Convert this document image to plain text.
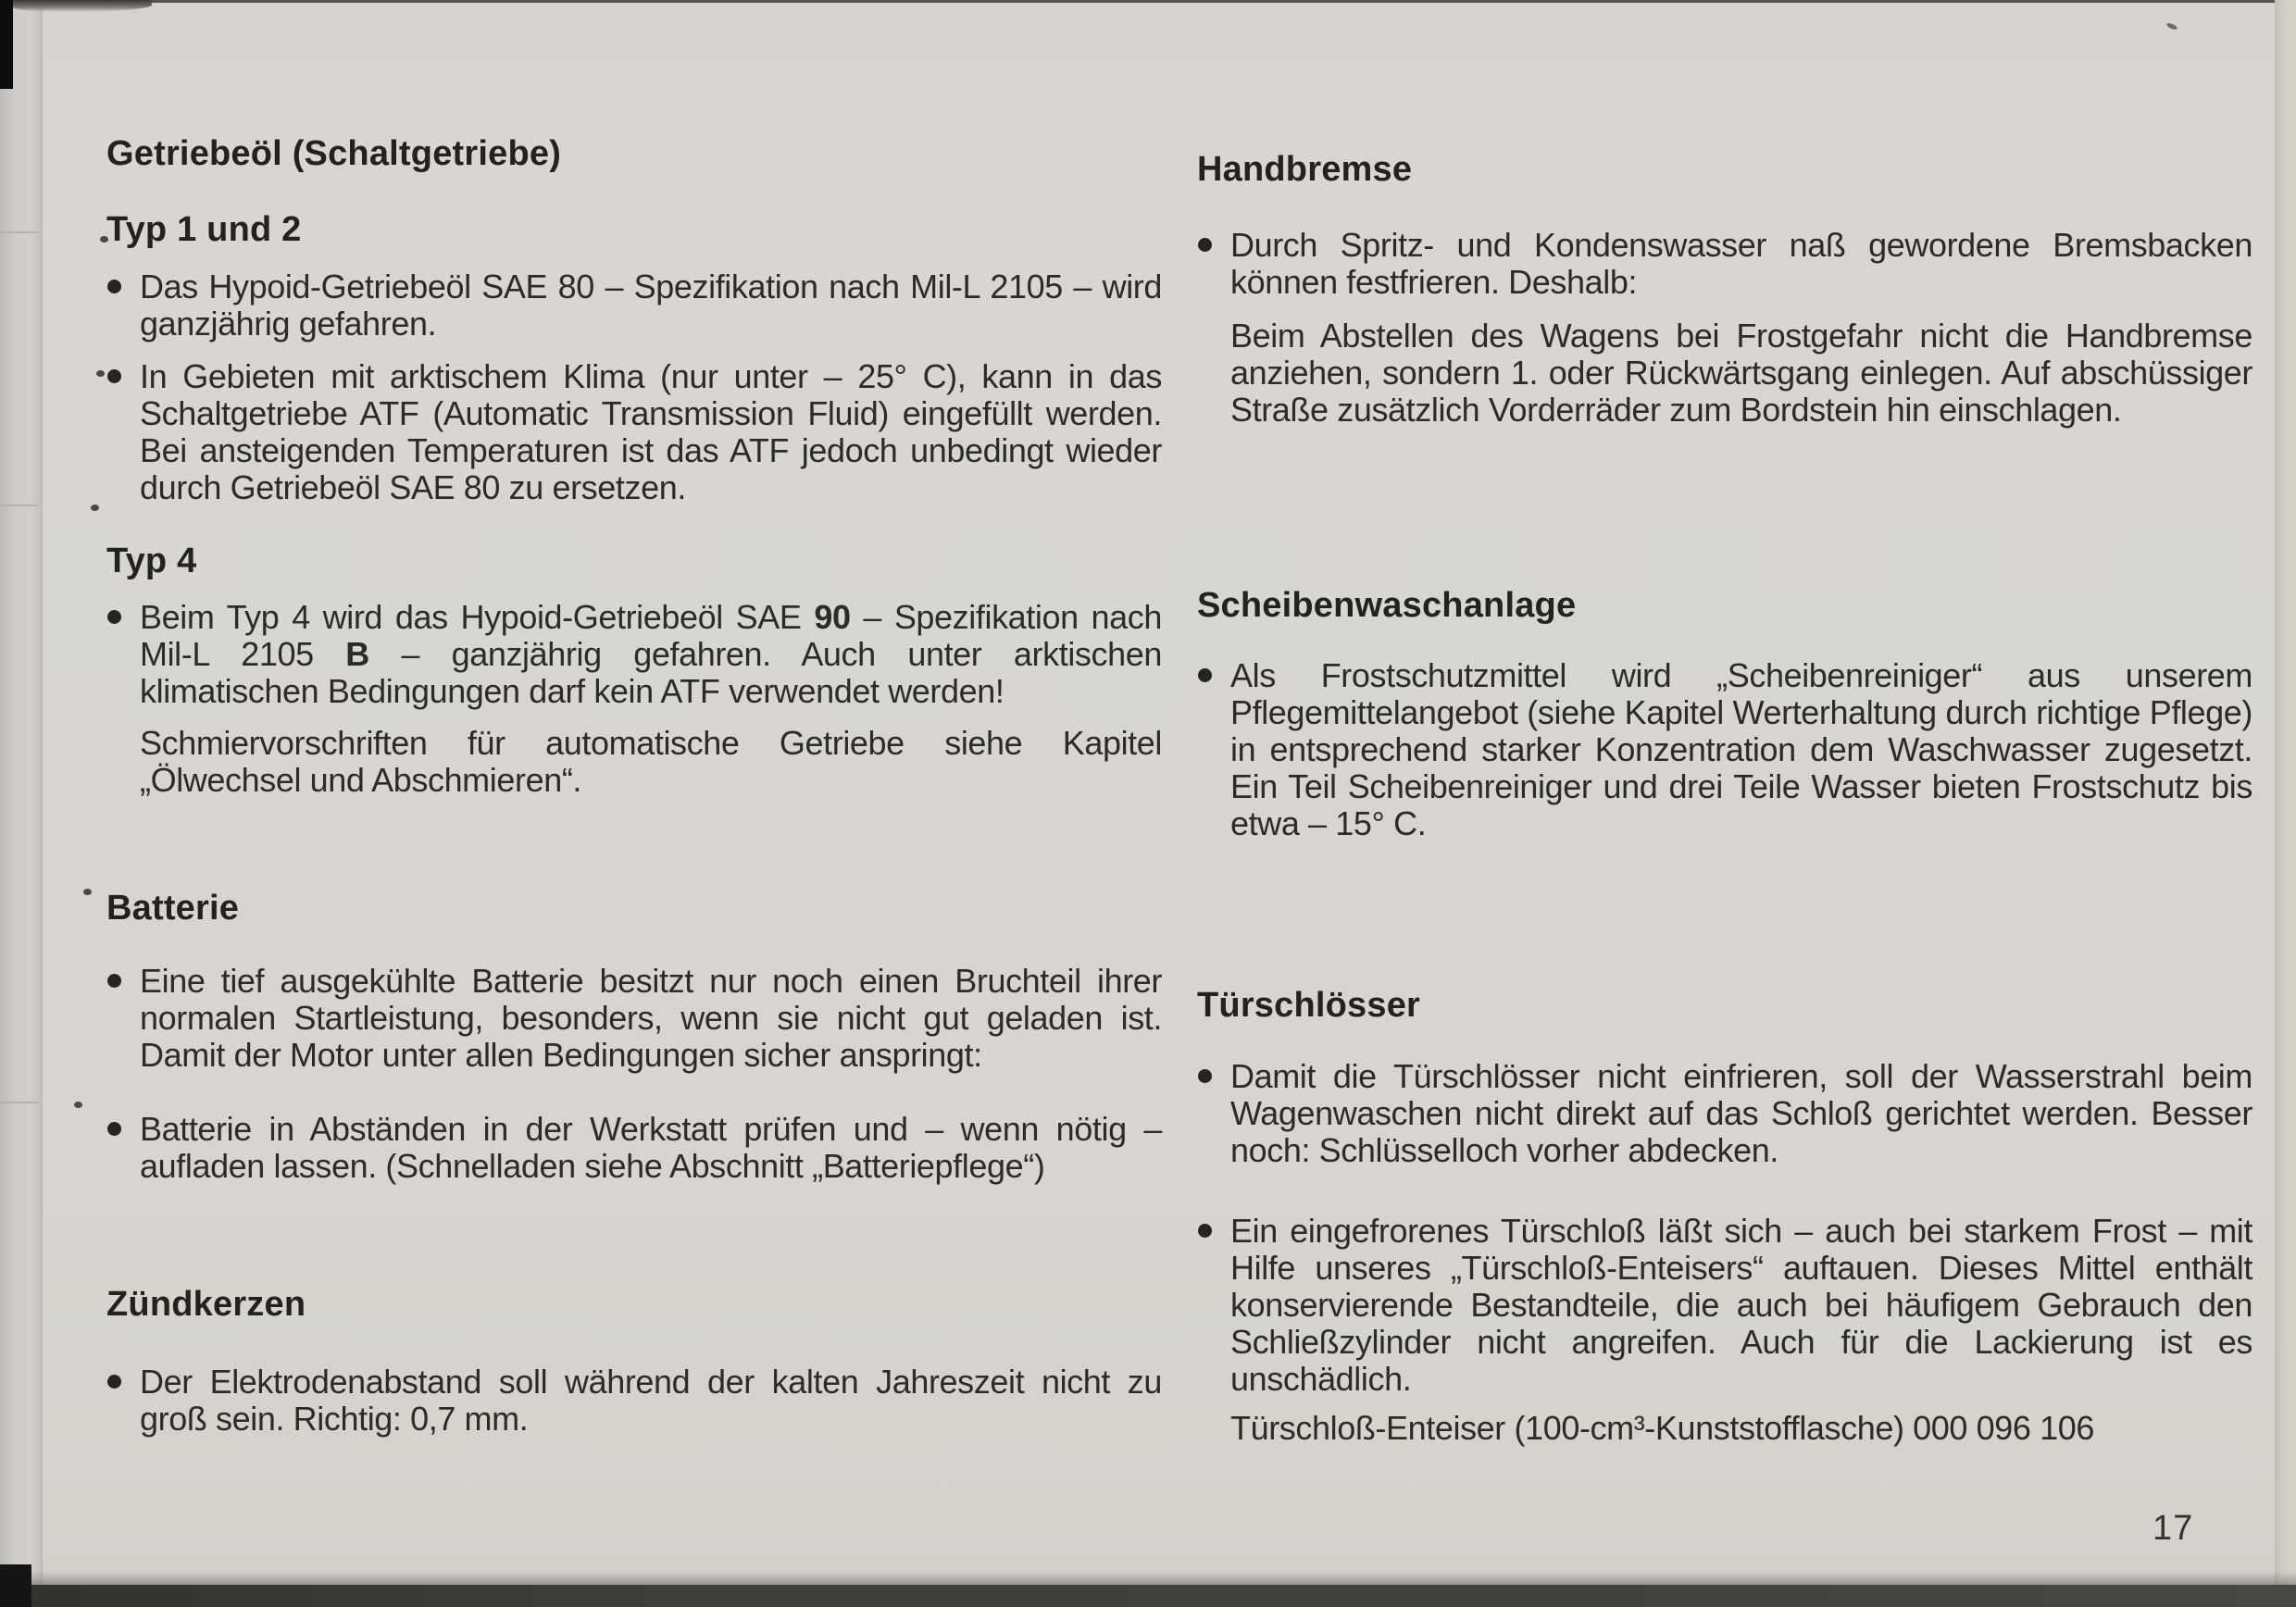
Getriebeöl (Schaltgetriebe)
Typ 1 und 2
Das Hypoid-Getriebeöl SAE 80 – Spezifikation nach Mil-L 2105 – wird ganzjährig gefahren.
In Gebieten mit arktischem Klima (nur unter – 25° C), kann in das Schaltgetriebe ATF (Automatic Transmission Fluid) eingefüllt werden. Bei ansteigenden Temperaturen ist das ATF jedoch unbedingt wieder durch Getriebeöl SAE 80 zu ersetzen.
Typ 4
Beim Typ 4 wird das Hypoid-Getriebeöl SAE 90 – Spezifikation nach Mil-L 2105 B – ganzjährig gefahren. Auch unter arktischen klimatischen Bedingungen darf kein ATF verwendet werden!
Schmiervorschriften für automatische Getriebe siehe Kapitel „Ölwechsel und Abschmieren“.
Batterie
Eine tief ausgekühlte Batterie besitzt nur noch einen Bruchteil ihrer normalen Startleistung, besonders, wenn sie nicht gut geladen ist. Damit der Motor unter allen Bedingungen sicher anspringt:
Batterie in Abständen in der Werkstatt prüfen und – wenn nötig – aufladen lassen. (Schnelladen siehe Abschnitt „Batteriepflege“)
Zündkerzen
Der Elektrodenabstand soll während der kalten Jahreszeit nicht zu groß sein. Richtig: 0,7 mm.
Handbremse
Durch Spritz- und Kondenswasser naß gewordene Bremsbacken können festfrieren. Deshalb:
Beim Abstellen des Wagens bei Frostgefahr nicht die Handbremse anziehen, sondern 1. oder Rückwärtsgang einlegen. Auf abschüssiger Straße zusätzlich Vorderräder zum Bordstein hin einschlagen.
Scheibenwaschanlage
Als Frostschutzmittel wird „Scheibenreiniger“ aus unserem Pflegemittelangebot (siehe Kapitel Werterhaltung durch richtige Pflege) in entsprechend starker Konzentration dem Waschwasser zugesetzt. Ein Teil Scheibenreiniger und drei Teile Wasser bieten Frostschutz bis etwa – 15° C.
Türschlösser
Damit die Türschlösser nicht einfrieren, soll der Wasserstrahl beim Wagenwaschen nicht direkt auf das Schloß gerichtet werden. Besser noch: Schlüsselloch vorher abdecken.
Ein eingefrorenes Türschloß läßt sich – auch bei starkem Frost – mit Hilfe unseres „Türschloß-Enteisers“ auftauen. Dieses Mittel enthält konservierende Bestandteile, die auch bei häufigem Gebrauch den Schließzylinder nicht angreifen. Auch für die Lackierung ist es unschädlich.
Türschloß-Enteiser (100-cm³-Kunststofflasche) 000 096 106
17
